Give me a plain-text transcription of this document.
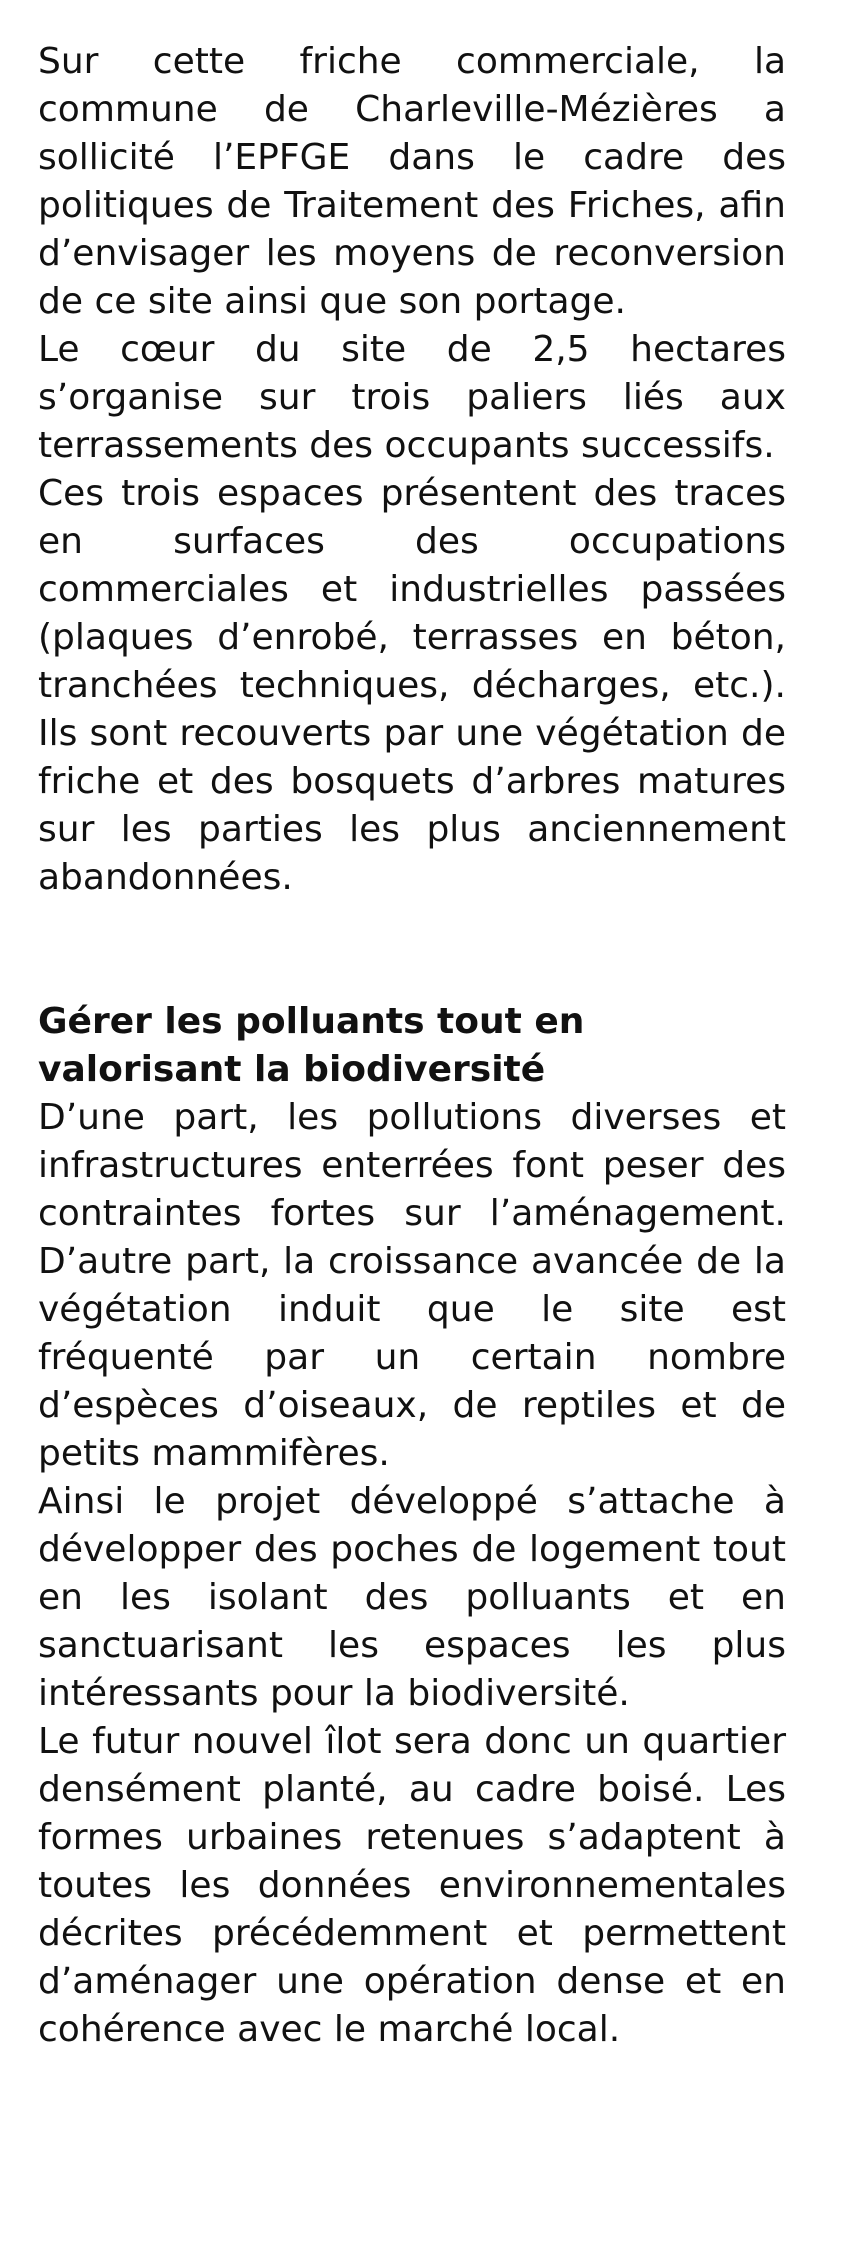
Sur cette friche commerciale, la commune de Charleville-Mézières a sollicité l’EPFGE dans le cadre des politiques de Traitement des Friches, afin d’envisager les moyens de reconversion de ce site ainsi que son portage.

Le cœur du site de 2,5 hectares s’organise sur trois paliers liés aux terrassements des occupants successifs.

Ces trois espaces présentent des traces en surfaces des occupations commerciales et industrielles passées (plaques d’enrobé, terrasses en béton, tranchées techniques, décharges, etc.). Ils sont recouverts par une végétation de friche et des bosquets d’arbres matures sur les parties les plus anciennement abandonnées.

Gérer les polluants tout en valorisant la biodiversité

D’une part, les pollutions diverses et infrastructures enterrées font peser des contraintes fortes sur l’aménagement. D’autre part, la croissance avancée de la végétation induit que le site est fréquenté par un certain nombre d’espèces d’oiseaux, de reptiles et de petits mammifères.

Ainsi le projet développé s’attache à développer des poches de logement tout en les isolant des polluants et en sanctuarisant les espaces les plus intéressants pour la biodiversité.

Le futur nouvel îlot sera donc un quartier densément planté, au cadre boisé. Les formes urbaines retenues s’adaptent à toutes les données environnementales décrites précédemment et permettent d’aménager une opération dense et en cohérence avec le marché local.
